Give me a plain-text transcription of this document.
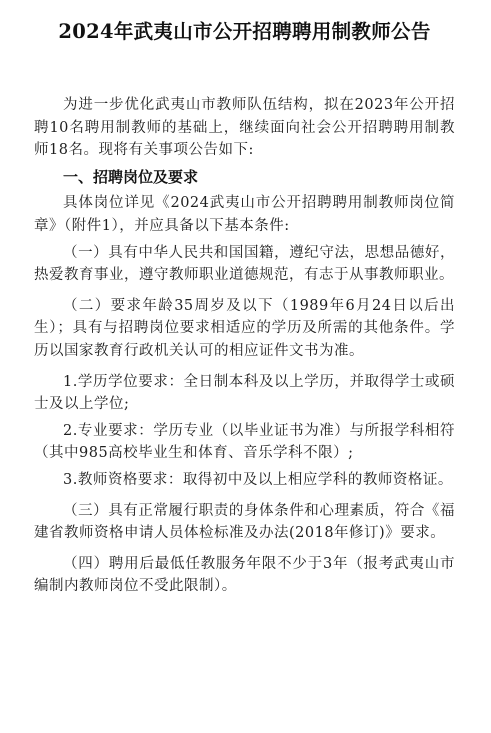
2024年武夷山市公开招聘聘用制教师公告

为进一步优化武夷山市教师队伍结构，拟在2023年公开招聘10名聘用制教师的基础上，继续面向社会公开招聘聘用制教师18名。现将有关事项公告如下:

一、招聘岗位及要求

具体岗位详见《2024武夷山市公开招聘聘用制教师岗位简章》（附件1），并应具备以下基本条件:

（一）具有中华人民共和国国籍，遵纪守法，思想品德好，热爱教育事业，遵守教师职业道德规范，有志于从事教师职业。

（二）要求年龄35周岁及以下（1989年6月24日以后出生）；具有与招聘岗位要求相适应的学历及所需的其他条件。学历以国家教育行政机关认可的相应证件文书为准。

1.学历学位要求：全日制本科及以上学历，并取得学士或硕士及以上学位;

2.专业要求：学历专业（以毕业证书为准）与所报学科相符（其中985高校毕业生和体育、音乐学科不限）;

3.教师资格要求：取得初中及以上相应学科的教师资格证。

（三）具有正常履行职责的身体条件和心理素质，符合《福建省教师资格申请人员体检标准及办法(2018年修订)》要求。

（四）聘用后最低任教服务年限不少于3年（报考武夷山市编制内教师岗位不受此限制）。
